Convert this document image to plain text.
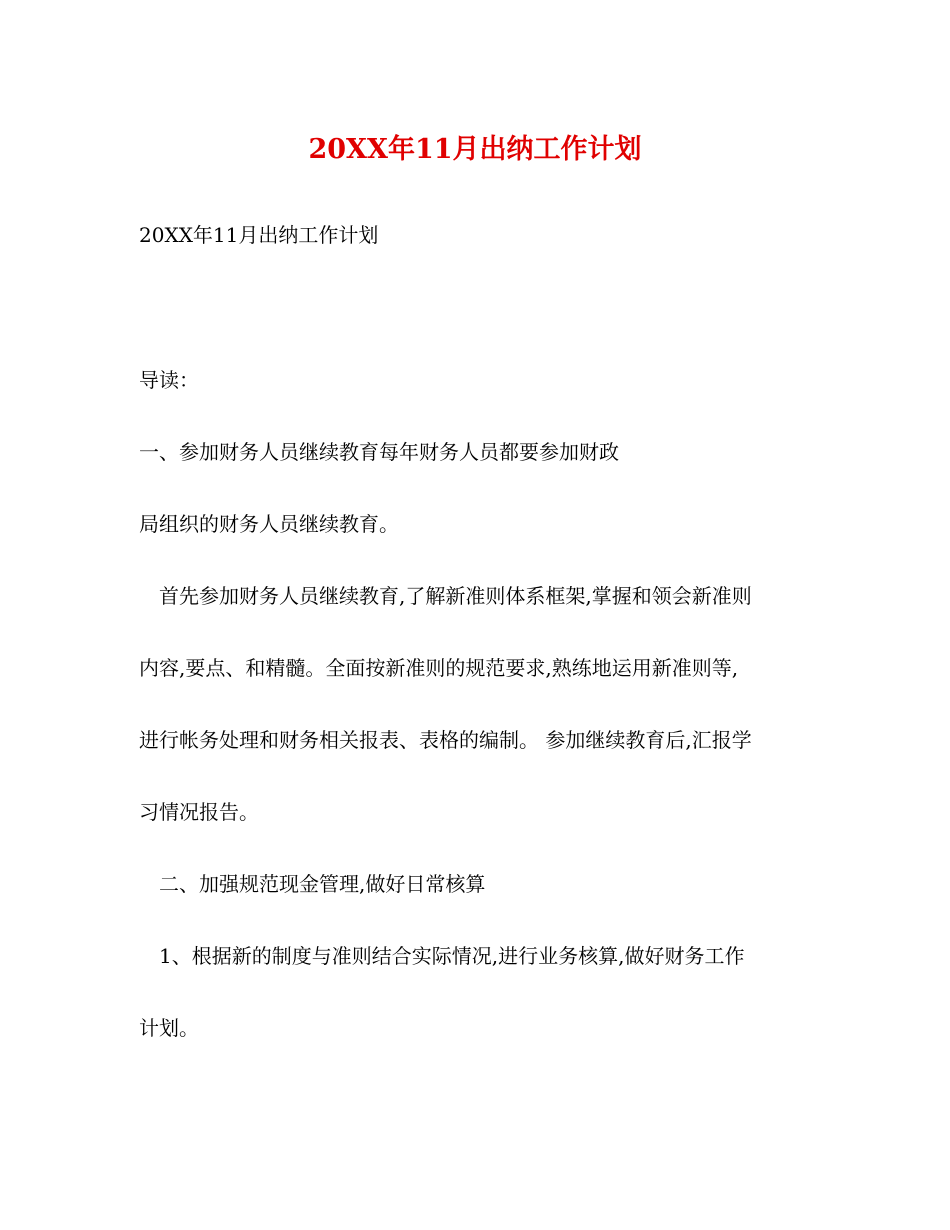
20XX年11月出纳工作计划

20XX年11月出纳工作计划

导读：

一、参加财务人员继续教育每年财务人员都要参加财政

局组织的财务人员继续教育。

　首先参加财务人员继续教育,了解新准则体系框架,掌握和领会新准则

内容,要点、和精髓。全面按新准则的规范要求,熟练地运用新准则等,

进行帐务处理和财务相关报表、表格的编制。 参加继续教育后,汇报学

习情况报告。

　二、加强规范现金管理,做好日常核算

　1、根据新的制度与准则结合实际情况,进行业务核算,做好财务工作

计划。
